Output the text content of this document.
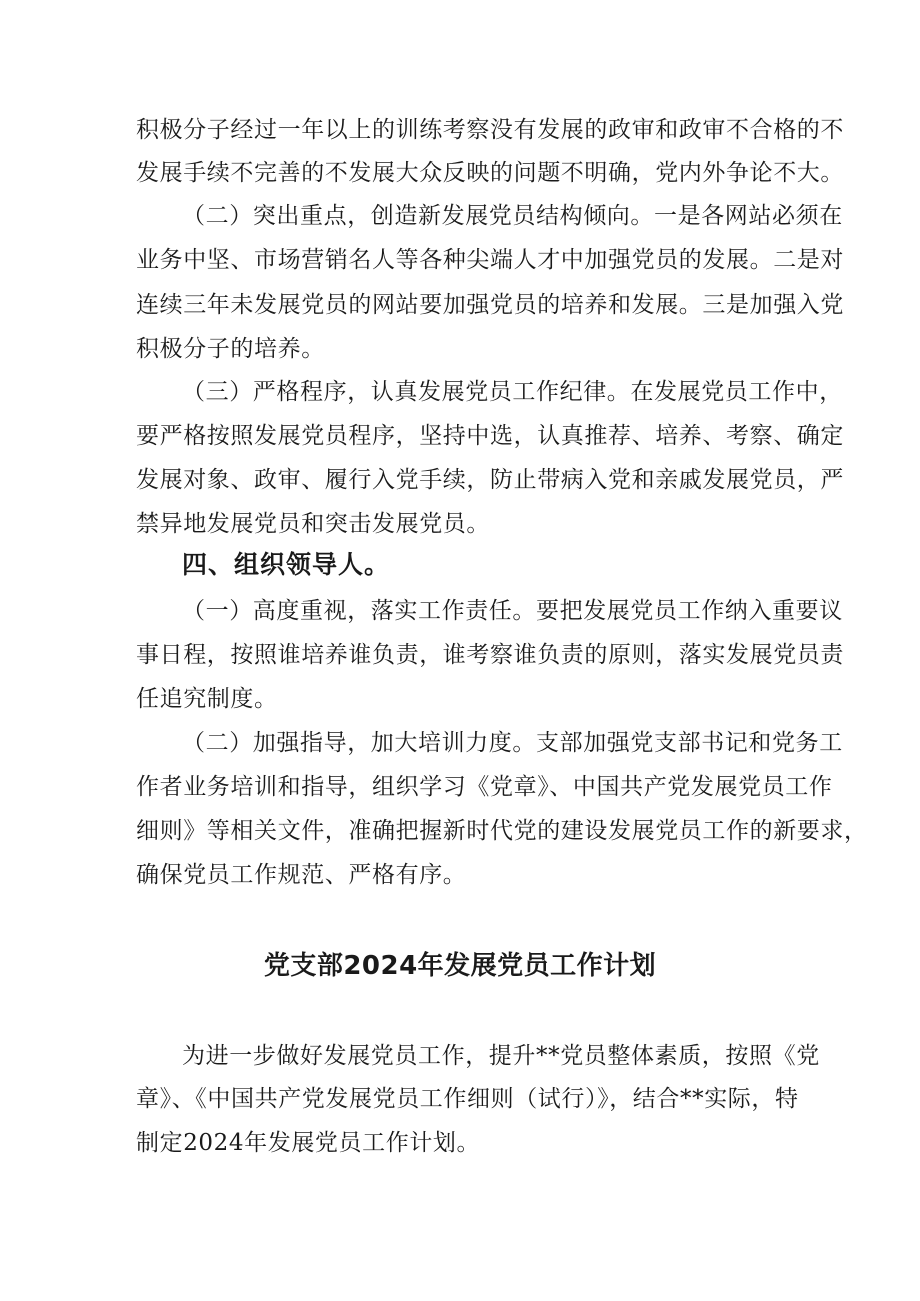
积极分子经过一年以上的训练考察没有发展的政审和政审不合格的不
发展手续不完善的不发展大众反映的问题不明确，党内外争论不大。
（二）突出重点，创造新发展党员结构倾向。一是各网站必须在
业务中坚、市场营销名人等各种尖端人才中加强党员的发展。二是对
连续三年未发展党员的网站要加强党员的培养和发展。三是加强入党
积极分子的培养。
（三）严格程序，认真发展党员工作纪律。在发展党员工作中，
要严格按照发展党员程序，坚持中选，认真推荐、培养、考察、确定
发展对象、政审、履行入党手续，防止带病入党和亲戚发展党员，严
禁异地发展党员和突击发展党员。
四、组织领导人。
（一）高度重视，落实工作责任。要把发展党员工作纳入重要议
事日程，按照谁培养谁负责，谁考察谁负责的原则，落实发展党员责
任追究制度。
（二）加强指导，加大培训力度。支部加强党支部书记和党务工
作者业务培训和指导，组织学习《党章》、中国共产党发展党员工作
细则》等相关文件，准确把握新时代党的建设发展党员工作的新要求，
确保党员工作规范、严格有序。
党支部2024年发展党员工作计划
为进一步做好发展党员工作，提升**党员整体素质，按照《党
章》、《中国共产党发展党员工作细则（试行）》，结合**实际，特
制定2024年发展党员工作计划。
